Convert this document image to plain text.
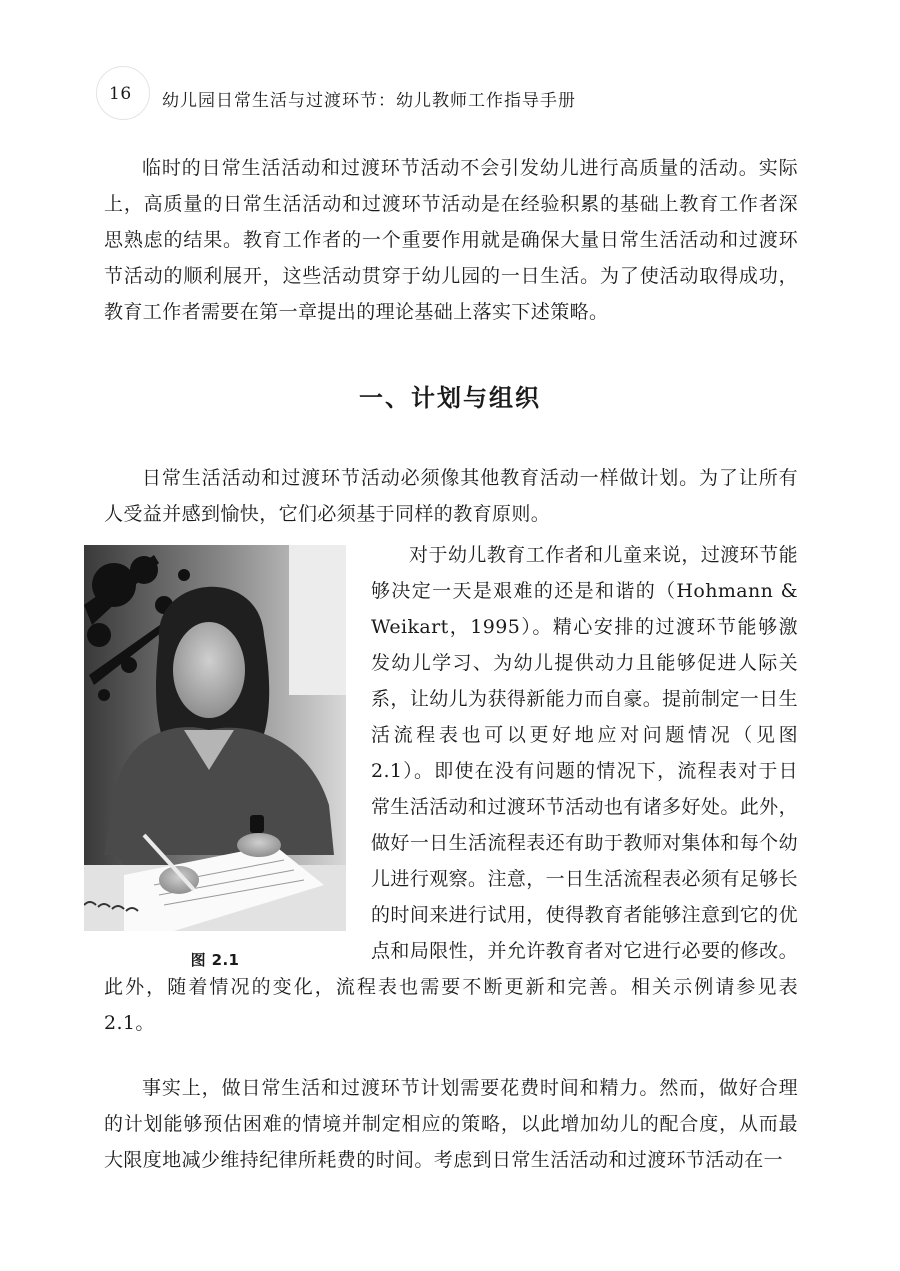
16 幼儿园日常生活与过渡环节：幼儿教师工作指导手册

临时的日常生活活动和过渡环节活动不会引发幼儿进行高质量的活动。实际上，高质量的日常生活活动和过渡环节活动是在经验积累的基础上教育工作者深思熟虑的结果。教育工作者的一个重要作用就是确保大量日常生活活动和过渡环节活动的顺利展开，这些活动贯穿于幼儿园的一日生活。为了使活动取得成功，教育工作者需要在第一章提出的理论基础上落实下述策略。

一、计划与组织

日常生活活动和过渡环节活动必须像其他教育活动一样做计划。为了让所有人受益并感到愉快，它们必须基于同样的教育原则。

图 2.1
对于幼儿教育工作者和儿童来说，过渡环节能够决定一天是艰难的还是和谐的（Hohmann & Weikart，1995）。精心安排的过渡环节能够激发幼儿学习、为幼儿提供动力且能够促进人际关系，让幼儿为获得新能力而自豪。提前制定一日生活流程表也可以更好地应对问题情况（见图 2.1）。即使在没有问题的情况下，流程表对于日常生活活动和过渡环节活动也有诸多好处。此外，做好一日生活流程表还有助于教师对集体和每个幼儿进行观察。注意，一日生活流程表必须有足够长的时间来进行试用，使得教育者能够注意到它的优点和局限性，并允许教育者对它进行必要的修改。此外，随着情况的变化，流程表也需要不断更新和完善。相关示例请参见表 2.1。

事实上，做日常生活和过渡环节计划需要花费时间和精力。然而，做好合理的计划能够预估困难的情境并制定相应的策略，以此增加幼儿的配合度，从而最大限度地减少维持纪律所耗费的时间。考虑到日常生活活动和过渡环节活动在一
